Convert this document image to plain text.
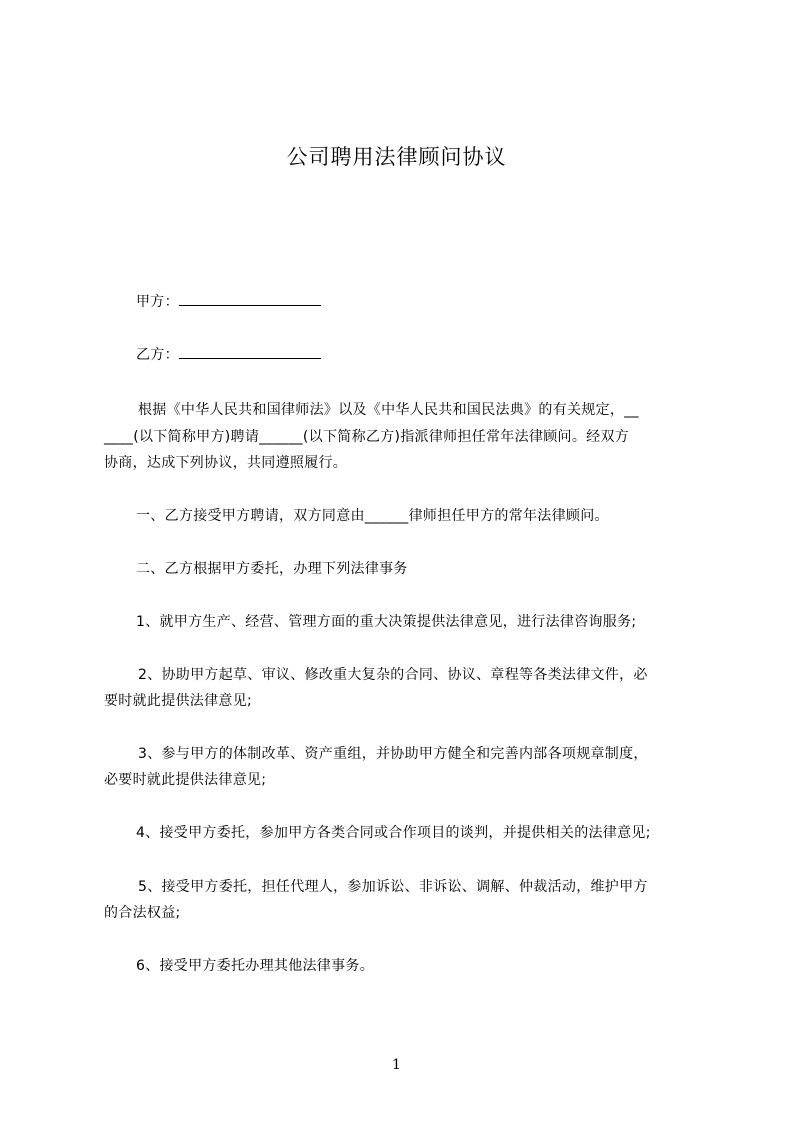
公司聘用法律顾问协议
甲方：
乙方：
根据《中华人民共和国律师法》以及《中华人民共和国民法典》的有关规定，__
____(以下简称甲方)聘请______(以下简称乙方)指派律师担任常年法律顾问。经双方
协商，达成下列协议，共同遵照履行。
一、乙方接受甲方聘请，双方同意由______律师担任甲方的常年法律顾问。
二、乙方根据甲方委托，办理下列法律事务
1、就甲方生产、经营、管理方面的重大决策提供法律意见，进行法律咨询服务;
2、协助甲方起草、审议、修改重大复杂的合同、协议、章程等各类法律文件，必
要时就此提供法律意见;
3、参与甲方的体制改革、资产重组，并协助甲方健全和完善内部各项规章制度，
必要时就此提供法律意见;
4、接受甲方委托，参加甲方各类合同或合作项目的谈判，并提供相关的法律意见;
5、接受甲方委托，担任代理人，参加诉讼、非诉讼、调解、仲裁活动，维护甲方
的合法权益;
6、接受甲方委托办理其他法律事务。
1
